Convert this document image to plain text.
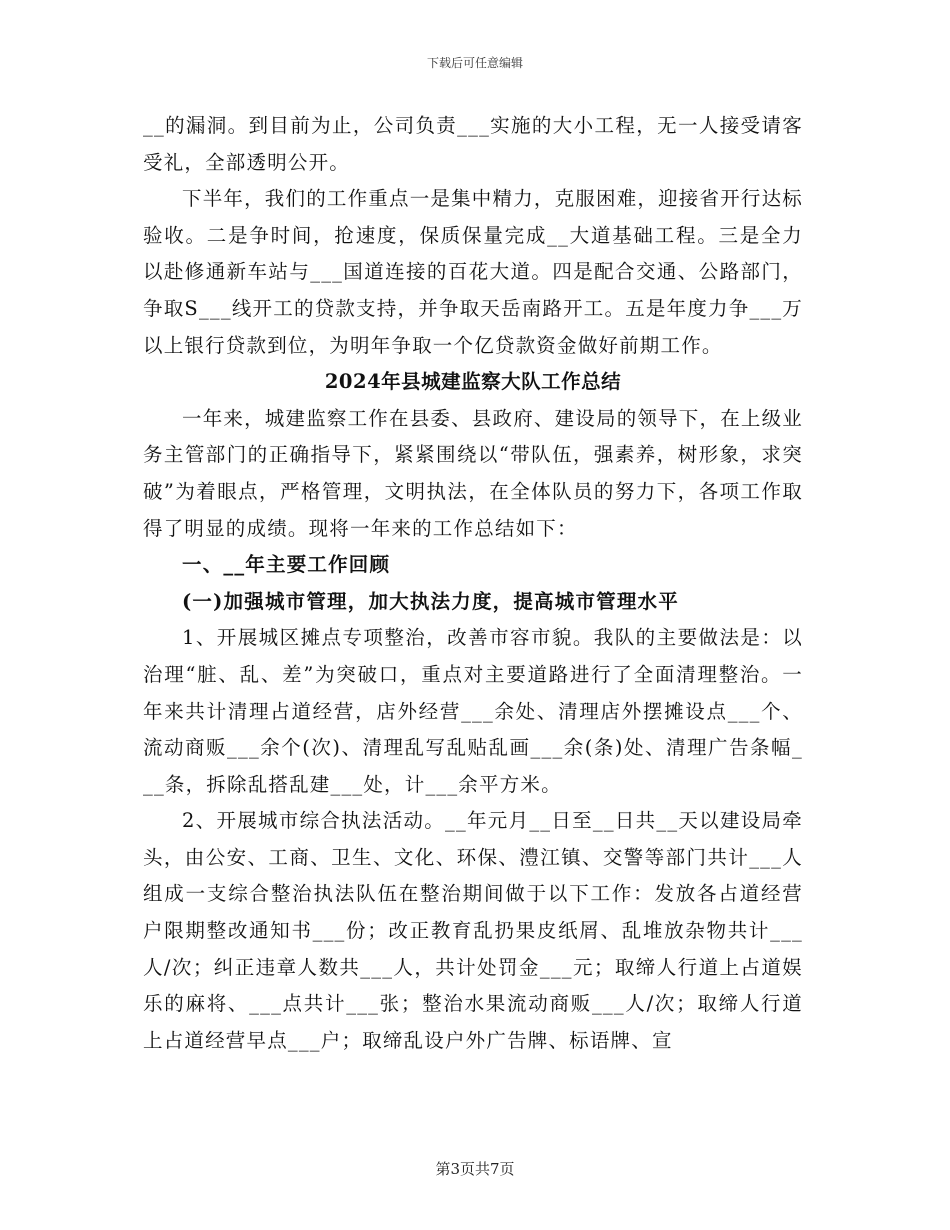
下载后可任意编辑

__的漏洞。到目前为止，公司负责___实施的大小工程，无一人接受请客受礼，全部透明公开。

下半年，我们的工作重点一是集中精力，克服困难，迎接省开行达标验收。二是争时间，抢速度，保质保量完成__大道基础工程。三是全力以赴修通新车站与___国道连接的百花大道。四是配合交通、公路部门，争取S___线开工的贷款支持，并争取天岳南路开工。五是年度力争___万以上银行贷款到位，为明年争取一个亿贷款资金做好前期工作。

2024年县城建监察大队工作总结

一年来，城建监察工作在县委、县政府、建设局的领导下，在上级业务主管部门的正确指导下，紧紧围绕以“带队伍，强素养，树形象，求突破”为着眼点，严格管理，文明执法，在全体队员的努力下，各项工作取得了明显的成绩。现将一年来的工作总结如下：

一、__年主要工作回顾
(一)加强城市管理，加大执法力度，提高城市管理水平

1、开展城区摊点专项整治，改善市容市貌。我队的主要做法是：以治理“脏、乱、差”为突破口，重点对主要道路进行了全面清理整治。一年来共计清理占道经营，店外经营___余处、清理店外摆摊设点___个、流动商贩___余个(次)、清理乱写乱贴乱画___余(条)处、清理广告条幅___条，拆除乱搭乱建___处，计___余平方米。

2、开展城市综合执法活动。__年元月__日至__日共__天以建设局牵头，由公安、工商、卫生、文化、环保、澧江镇、交警等部门共计___人组成一支综合整治执法队伍在整治期间做于以下工作：发放各占道经营户限期整改通知书___份；改正教育乱扔果皮纸屑、乱堆放杂物共计___人/次；纠正违章人数共___人，共计处罚金___元；取缔人行道上占道娱乐的麻将、___点共计___张；整治水果流动商贩___人/次；取缔人行道上占道经营早点___户；取缔乱设户外广告牌、标语牌、宣

第3页共7页
